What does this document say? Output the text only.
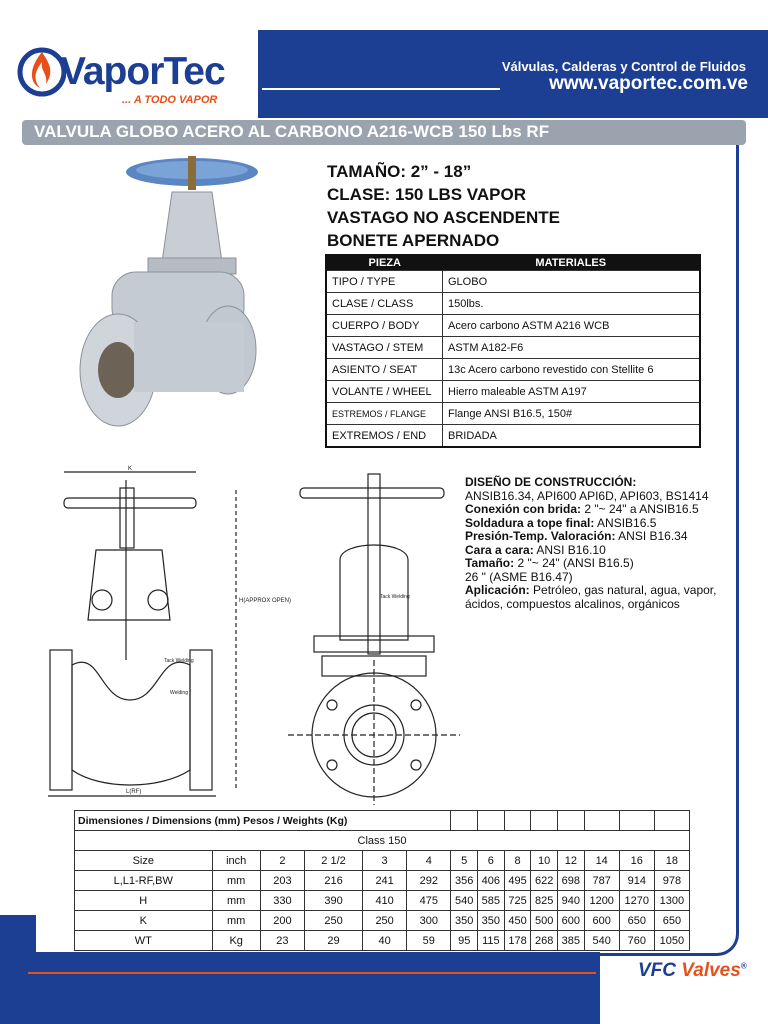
VaporTec
... A TODO VAPOR
Válvulas, Calderas y Control de Fluidos
www.vaportec.com.ve
VALVULA GLOBO ACERO AL CARBONO A216-WCB 150 Lbs RF
TAMAÑO: 2” - 18”
CLASE: 150 LBS VAPOR
VASTAGO NO ASCENDENTE
BONETE APERNADO
PIEZA	MATERIALES
TIPO / TYPE	GLOBO
CLASE / CLASS	150lbs.
CUERPO / BODY	Acero carbono ASTM A216 WCB
VASTAGO / STEM	ASTM A182-F6
ASIENTO / SEAT	13c Acero carbono revestido con Stellite 6
VOLANTE / WHEEL	Hierro maleable ASTM A197
ESTREMOS / FLANGE	Flange ANSI B16.5, 150#
EXTREMOS / END	BRIDADA
K
H(APPROX OPEN)
L(RF)
Tack Welding
Welding
Tack Welding
DISEÑO DE CONSTRUCCIÓN:
ANSIB16.34, API600 API6D, API603, BS1414
Conexión con brida: 2 "~ 24" a ANSIB16.5
Soldadura a tope final: ANSIB16.5
Presión-Temp. Valoración: ANSI B16.34
Cara a cara: ANSI B16.10
Tamaño: 2 "~ 24" (ANSI B16.5)
26 " (ASME B16.47)
Aplicación: Petróleo, gas natural, agua, vapor, ácidos, compuestos alcalinos, orgánicos
Dimensiones / Dimensions (mm) Pesos / Weights (Kg)													
Class 150													
Size	inch	2	2 1/2	3	4	5	6	8	10	12	14	16	18
L,L1-RF,BW	mm	203	216	241	292	356	406	495	622	698	787	914	978
H	mm	330	390	410	475	540	585	725	825	940	1200	1270	1300
K	mm	200	250	250	300	350	350	450	500	600	600	650	650
WT	Kg	23	29	40	59	95	115	178	268	385	540	760	1050
VFC Valves®
